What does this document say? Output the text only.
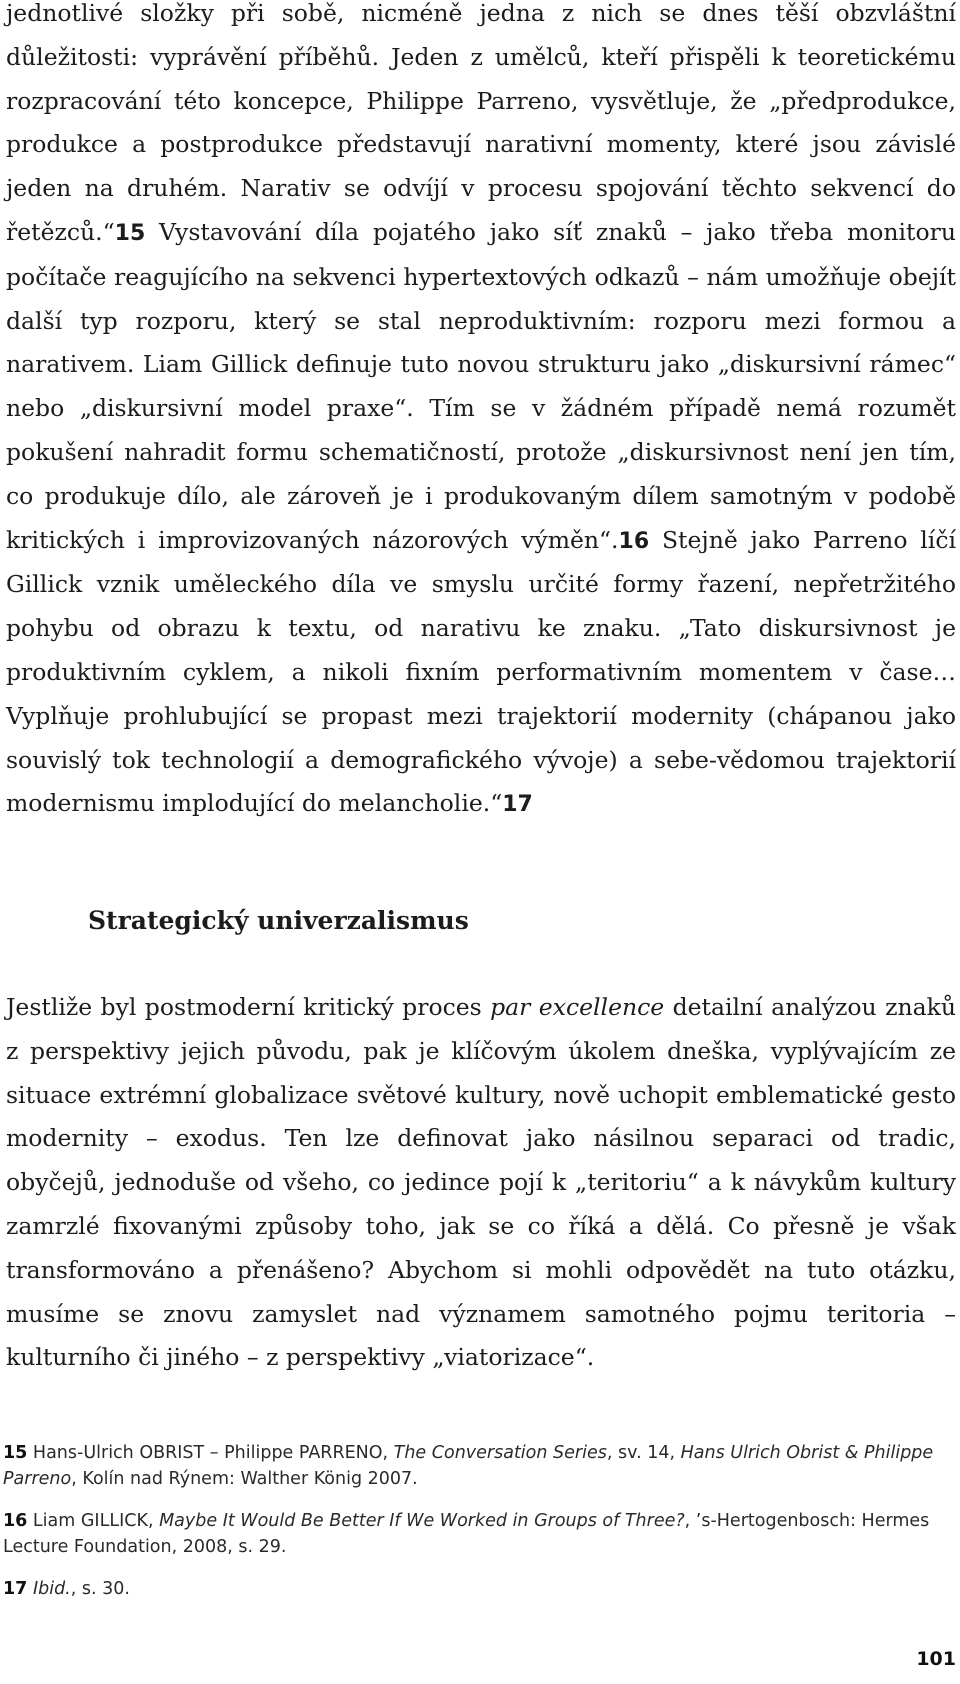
jednotlivé složky při sobě, nicméně jedna z nich se dnes těší obzvláštní důležitosti: vyprávění příběhů. Jeden z umělců, kteří přispěli k teoretickému rozpracování této koncepce, Philippe Parreno, vysvětluje, že „předprodukce, produkce a postprodukce představují narativní momenty, které jsou závislé jeden na druhém. Narativ se odvíjí v procesu spojování těchto sekvencí do řetězců.“15 Vystavování díla pojatého jako síť znaků – jako třeba monitoru počítače reagujícího na sekvenci hypertextových odkazů – nám umožňuje obejít další typ rozporu, který se stal neproduktivním: rozporu mezi formou a narativem. Liam Gillick definuje tuto novou strukturu jako „diskursivní rámec“ nebo „diskursivní model praxe“. Tím se v žádném případě nemá rozumět pokušení nahradit formu schematičností, protože „diskursivnost není jen tím, co produkuje dílo, ale zároveň je i produkovaným dílem samotným v podobě kritických i improvizovaných názorových výměn“.16 Stejně jako Parreno líčí Gillick vznik uměleckého díla ve smyslu určité formy řazení, nepřetržitého pohybu od obrazu k textu, od narativu ke znaku. „Tato diskursivnost je produktivním cyklem, a nikoli fixním performativním momentem v čase… Vyplňuje prohlubující se propast mezi trajektorií modernity (chápanou jako souvislý tok technologií a demografického vývoje) a sebe-vědomou trajektorií modernismu implodující do melancholie.“17

Strategický univerzalismus

Jestliže byl postmoderní kritický proces par excellence detailní analýzou znaků z perspektivy jejich původu, pak je klíčovým úkolem dneška, vyplývajícím ze situace extrémní globalizace světové kultury, nově uchopit emblematické gesto modernity – exodus. Ten lze definovat jako násilnou separaci od tradic, obyčejů, jednoduše od všeho, co jedince pojí k „teritoriu“ a k návykům kultury zamrzlé fixovanými způsoby toho, jak se co říká a dělá. Co přesně je však transformováno a přenášeno? Abychom si mohli odpovědět na tuto otázku, musíme se znovu zamyslet nad významem samotného pojmu teritoria – kulturního či jiného – z perspektivy „viatorizace“.

15 Hans-Ulrich OBRIST – Philippe PARRENO, The Conversation Series, sv. 14, Hans Ulrich Obrist & Philippe Parreno, Kolín nad Rýnem: Walther König 2007.

16 Liam GILLICK, Maybe It Would Be Better If We Worked in Groups of Three?, ’s-Hertogenbosch: Hermes Lecture Foundation, 2008, s. 29.

17 Ibid., s. 30.

101
